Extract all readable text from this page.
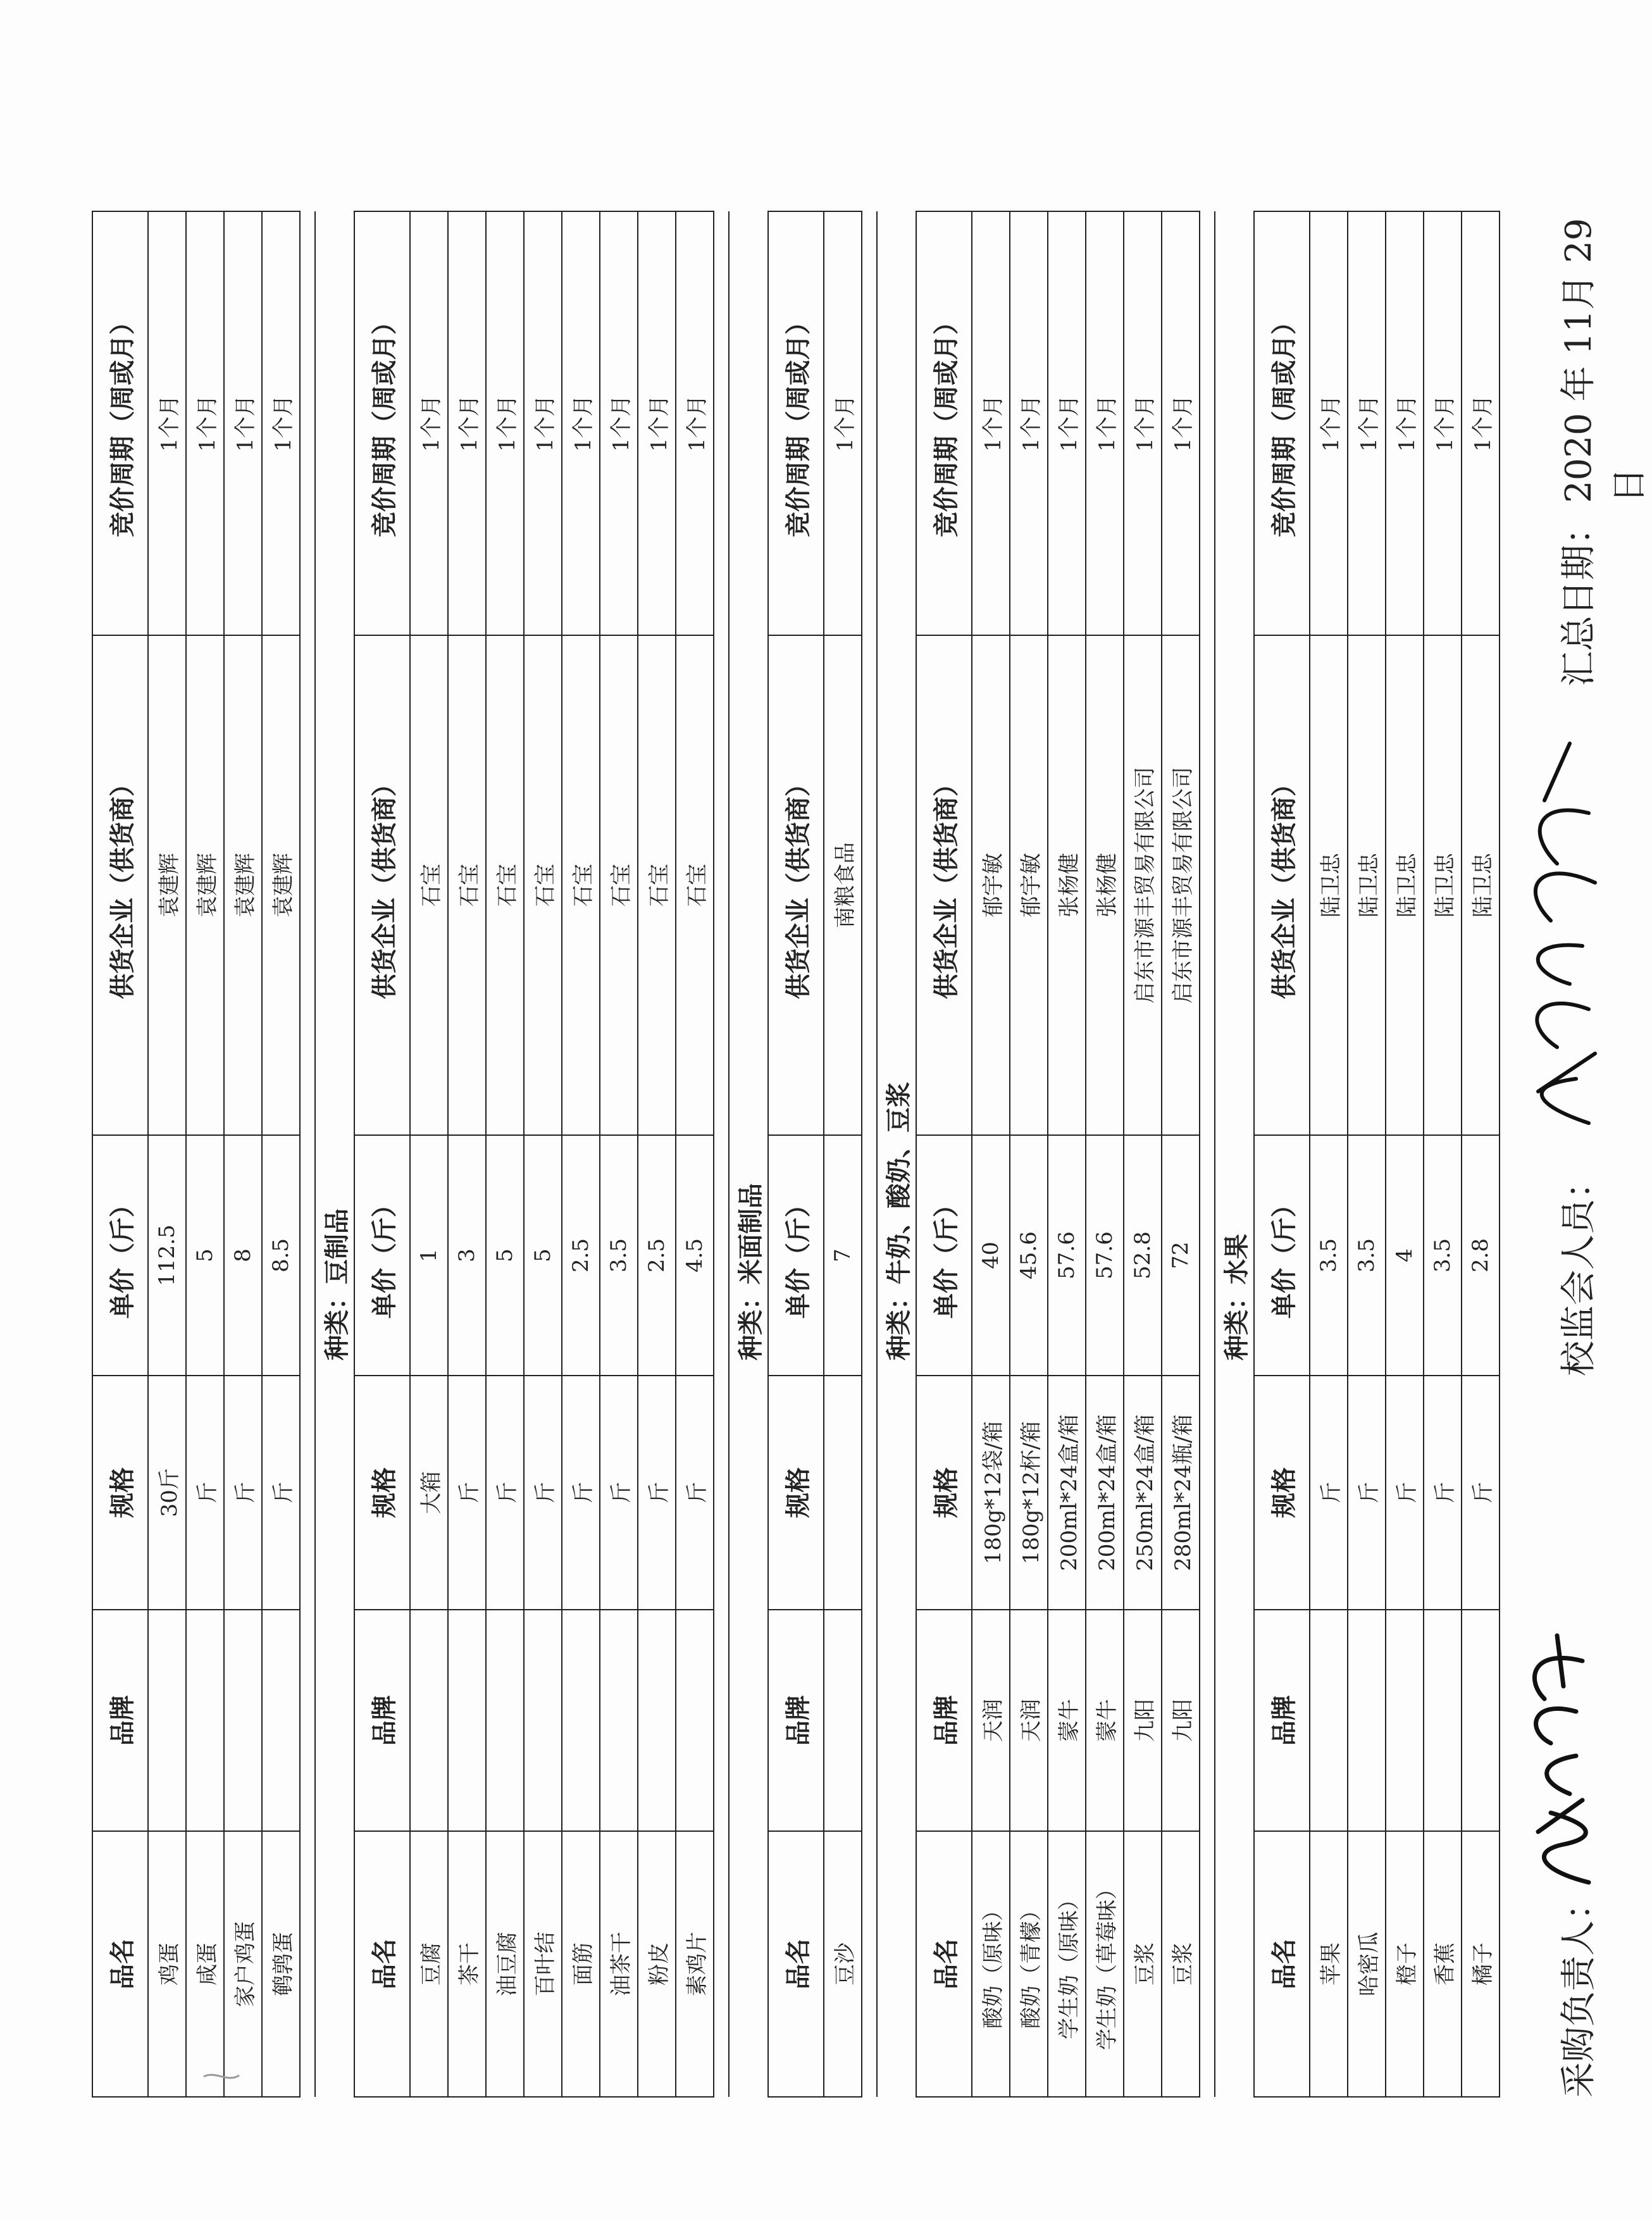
品名	品牌	规格	单价（斤）	供货企业（供货商）	竞价周期（周或月）
鸡蛋		30斤	112.5	袁建辉	1个月
咸蛋		斤	5	袁建辉	1个月
家户鸡蛋		斤	8	袁建辉	1个月
鹌鹑蛋		斤	8.5	袁建辉	1个月

			种类：豆制品		
品名	品牌	规格	单价（斤）	供货企业（供货商）	竞价周期（周或月）
豆腐		大箱	1	石宝	1个月
茶干		斤	3	石宝	1个月
油豆腐		斤	5	石宝	1个月
百叶结		斤	5	石宝	1个月
面筋		斤	2.5	石宝	1个月
油茶干		斤	3.5	石宝	1个月
粉皮		斤	2.5	石宝	1个月
素鸡片		斤	4.5	石宝	1个月

			种类：米面制品		
品名	品牌	规格	单价（斤）	供货企业（供货商）	竞价周期（周或月）
豆沙			7	南粮食品	1个月

			种类：牛奶、酸奶、豆浆		
品名	品牌	规格	单价（斤）	供货企业（供货商）	竞价周期（周或月）
酸奶（原味）	天润	180g*12袋/箱	40	郁宇敏	1个月
酸奶（青檬）	天润	180g*12杯/箱	45.6	郁宇敏	1个月
学生奶（原味）	蒙牛	200ml*24盒/箱	57.6	张杨健	1个月
学生奶（草莓味）	蒙牛	200ml*24盒/箱	57.6	张杨健	1个月
豆浆	九阳	250ml*24盒/箱	52.8	启东市源丰贸易有限公司	1个月
豆浆	九阳	280ml*24瓶/箱	72	启东市源丰贸易有限公司	1个月

			种类：水果		
品名	品牌	规格	单价（斤）	供货企业（供货商）	竞价周期（周或月）
苹果		斤	3.5	陆卫忠	1个月
哈密瓜		斤	3.5	陆卫忠	1个月
橙子		斤	4	陆卫忠	1个月
香蕉		斤	3.5	陆卫忠	1个月
橘子		斤	2.8	陆卫忠	1个月
采购负责人：
校监会人员：
汇总日期：
2020 年 11月 29日
